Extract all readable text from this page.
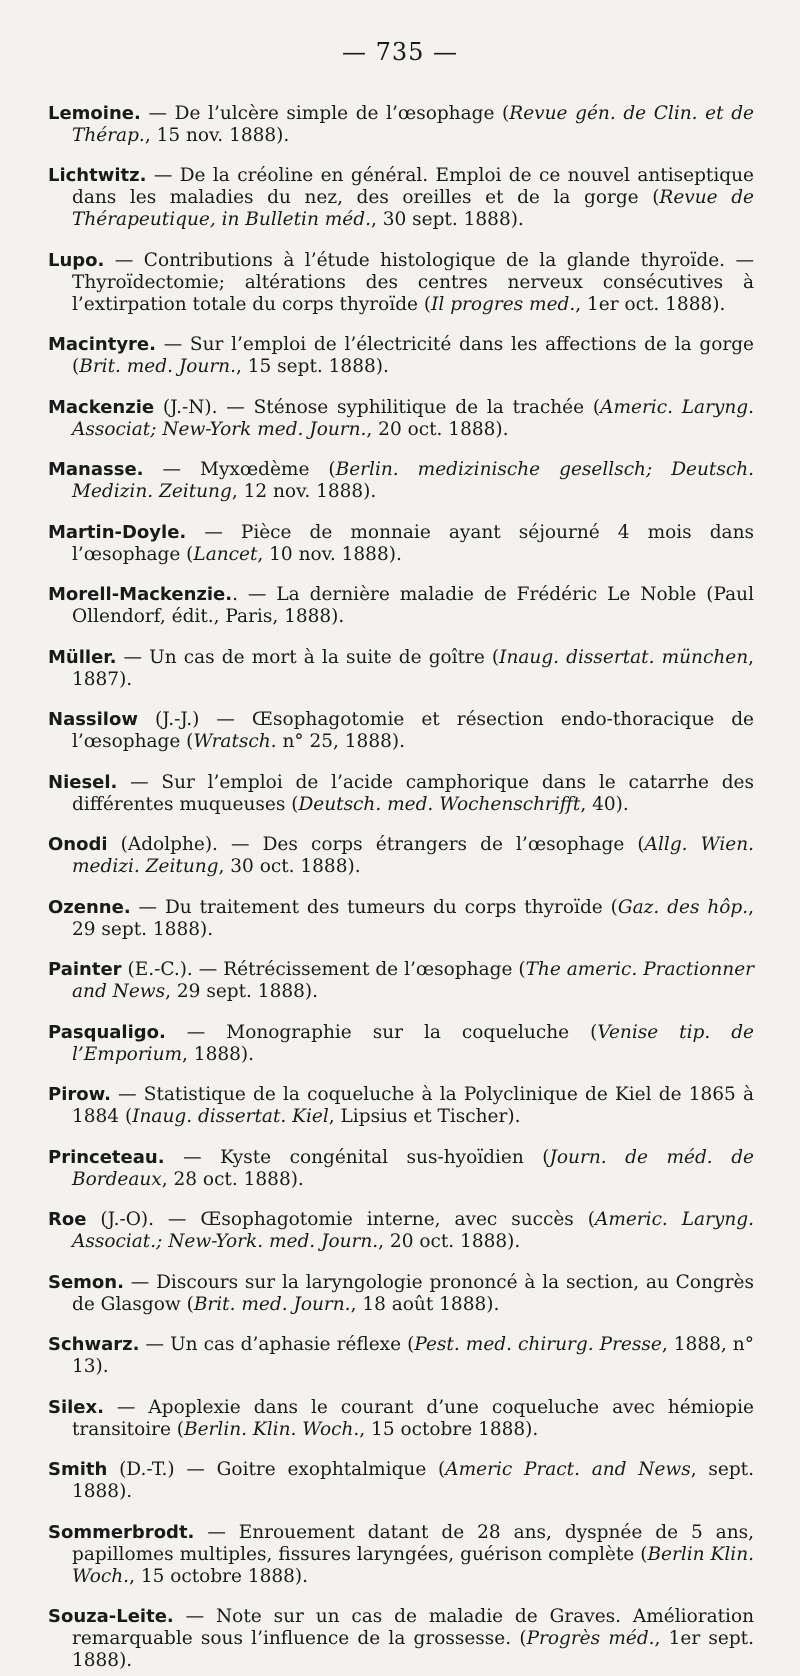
— 735 —

Lemoine. — De l’ulcère simple de l’œsophage (Revue gén. de Clin. et de Thérap., 15 nov. 1888).

Lichtwitz. — De la créoline en général. Emploi de ce nouvel antiseptique dans les maladies du nez, des oreilles et de la gorge (Revue de Thérapeutique, in Bulletin méd., 30 sept. 1888).

Lupo. — Contributions à l’étude histologique de la glande thyroïde. — Thyroïdectomie; altérations des centres nerveux consécutives à l’extirpation totale du corps thyroïde (Il progres med., 1er oct. 1888).

Macintyre. — Sur l’emploi de l’électricité dans les affections de la gorge (Brit. med. Journ., 15 sept. 1888).

Mackenzie (J.-N). — Sténose syphilitique de la trachée (Americ. Laryng. Associat; New-York med. Journ., 20 oct. 1888).

Manasse. — Myxœdème (Berlin. medizinische gesellsch; Deutsch. Medizin. Zeitung, 12 nov. 1888).

Martin-Doyle. — Pièce de monnaie ayant séjourné 4 mois dans l’œsophage (Lancet, 10 nov. 1888).

Morell-Mackenzie.. — La dernière maladie de Frédéric Le Noble (Paul Ollendorf, édit., Paris, 1888).

Müller. — Un cas de mort à la suite de goître (Inaug. dissertat. münchen, 1887).

Nassilow (J.-J.) — Œsophagotomie et résection endo-thoracique de l’œsophage (Wratsch. n° 25, 1888).

Niesel. — Sur l’emploi de l’acide camphorique dans le catarrhe des différentes muqueuses (Deutsch. med. Wochenschrifft, 40).

Onodi (Adolphe). — Des corps étrangers de l’œsophage (Allg. Wien. medizi. Zeitung, 30 oct. 1888).

Ozenne. — Du traitement des tumeurs du corps thyroïde (Gaz. des hôp., 29 sept. 1888).

Painter (E.-C.). — Rétrécissement de l’œsophage (The americ. Practionner and News, 29 sept. 1888).

Pasqualigo. — Monographie sur la coqueluche (Venise tip. de l’Emporium, 1888).

Pirow. — Statistique de la coqueluche à la Polyclinique de Kiel de 1865 à 1884 (Inaug. dissertat. Kiel, Lipsius et Tischer).

Princeteau. — Kyste congénital sus-hyoïdien (Journ. de méd. de Bordeaux, 28 oct. 1888).

Roe (J.-O). — Œsophagotomie interne, avec succès (Americ. Laryng. Associat.; New-York. med. Journ., 20 oct. 1888).

Semon. — Discours sur la laryngologie prononcé à la section, au Congrès de Glasgow (Brit. med. Journ., 18 août 1888).

Schwarz. — Un cas d’aphasie réflexe (Pest. med. chirurg. Presse, 1888, n° 13).

Silex. — Apoplexie dans le courant d’une coqueluche avec hémiopie transitoire (Berlin. Klin. Woch., 15 octobre 1888).

Smith (D.-T.) — Goitre exophtalmique (Americ Pract. and News, sept. 1888).

Sommerbrodt. — Enrouement datant de 28 ans, dyspnée de 5 ans, papillomes multiples, fissures laryngées, guérison complète (Berlin Klin. Woch., 15 octobre 1888).

Souza-Leite. — Note sur un cas de maladie de Graves. Amélioration remarquable sous l’influence de la grossesse. (Progrès méd., 1er sept. 1888).
